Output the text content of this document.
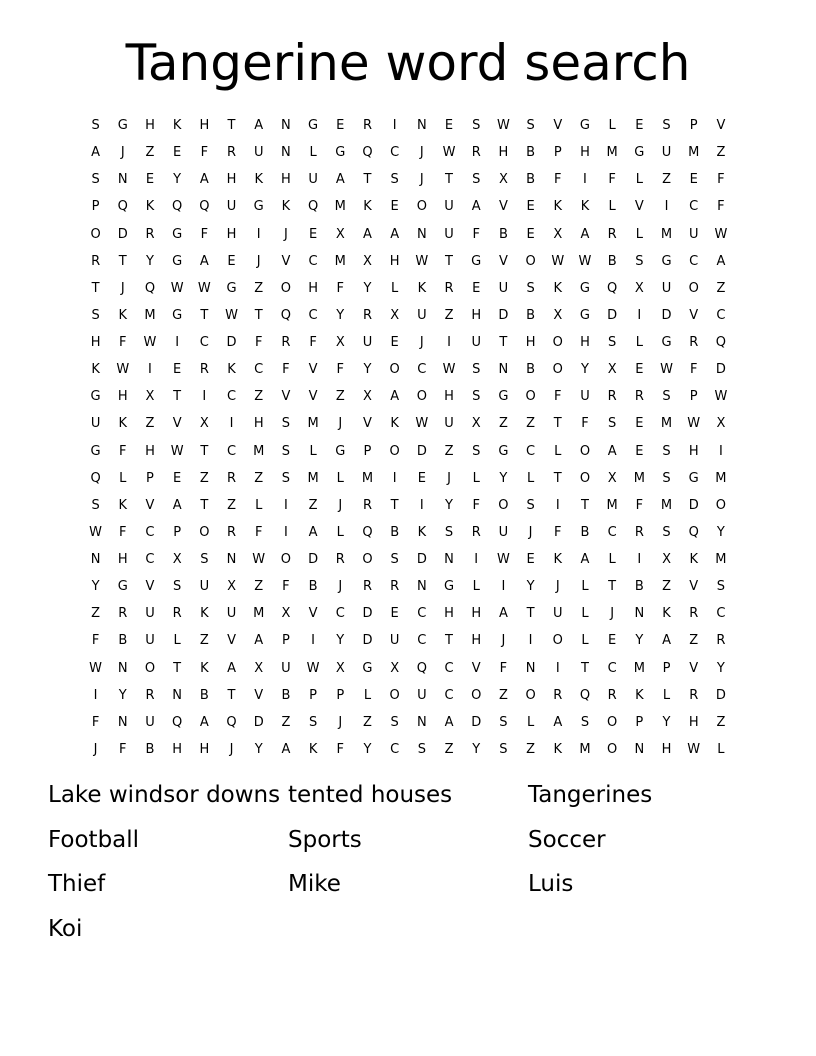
Tangerine word search
S	G	H	K	H	T	A	N	G	E	R	I	N	E	S	W	S	V	G	L	E	S	P	V
A	J	Z	E	F	R	U	N	L	G	Q	C	J	W	R	H	B	P	H	M	G	U	M	Z
S	N	E	Y	A	H	K	H	U	A	T	S	J	T	S	X	B	F	I	F	L	Z	E	F
P	Q	K	Q	Q	U	G	K	Q	M	K	E	O	U	A	V	E	K	K	L	V	I	C	F
O	D	R	G	F	H	I	J	E	X	A	A	N	U	F	B	E	X	A	R	L	M	U	W
R	T	Y	G	A	E	J	V	C	M	X	H	W	T	G	V	O	W	W	B	S	G	C	A
T	J	Q	W	W	G	Z	O	H	F	Y	L	K	R	E	U	S	K	G	Q	X	U	O	Z
S	K	M	G	T	W	T	Q	C	Y	R	X	U	Z	H	D	B	X	G	D	I	D	V	C
H	F	W	I	C	D	F	R	F	X	U	E	J	I	U	T	H	O	H	S	L	G	R	Q
K	W	I	E	R	K	C	F	V	F	Y	O	C	W	S	N	B	O	Y	X	E	W	F	D
G	H	X	T	I	C	Z	V	V	Z	X	A	O	H	S	G	O	F	U	R	R	S	P	W
U	K	Z	V	X	I	H	S	M	J	V	K	W	U	X	Z	Z	T	F	S	E	M	W	X
G	F	H	W	T	C	M	S	L	G	P	O	D	Z	S	G	C	L	O	A	E	S	H	I
Q	L	P	E	Z	R	Z	S	M	L	M	I	E	J	L	Y	L	T	O	X	M	S	G	M
S	K	V	A	T	Z	L	I	Z	J	R	T	I	Y	F	O	S	I	T	M	F	M	D	O
W	F	C	P	O	R	F	I	A	L	Q	B	K	S	R	U	J	F	B	C	R	S	Q	Y
N	H	C	X	S	N	W	O	D	R	O	S	D	N	I	W	E	K	A	L	I	X	K	M
Y	G	V	S	U	X	Z	F	B	J	R	R	N	G	L	I	Y	J	L	T	B	Z	V	S
Z	R	U	R	K	U	M	X	V	C	D	E	C	H	H	A	T	U	L	J	N	K	R	C
F	B	U	L	Z	V	A	P	I	Y	D	U	C	T	H	J	I	O	L	E	Y	A	Z	R
W	N	O	T	K	A	X	U	W	X	G	X	Q	C	V	F	N	I	T	C	M	P	V	Y
I	Y	R	N	B	T	V	B	P	P	L	O	U	C	O	Z	O	R	Q	R	K	L	R	D
F	N	U	Q	A	Q	D	Z	S	J	Z	S	N	A	D	S	L	A	S	O	P	Y	H	Z
J	F	B	H	H	J	Y	A	K	F	Y	C	S	Z	Y	S	Z	K	M	O	N	H	W	L
Lake windsor downs tented houses	Tangerines
Football	Sports	Soccer
Thief	Mike	Luis
Koi
